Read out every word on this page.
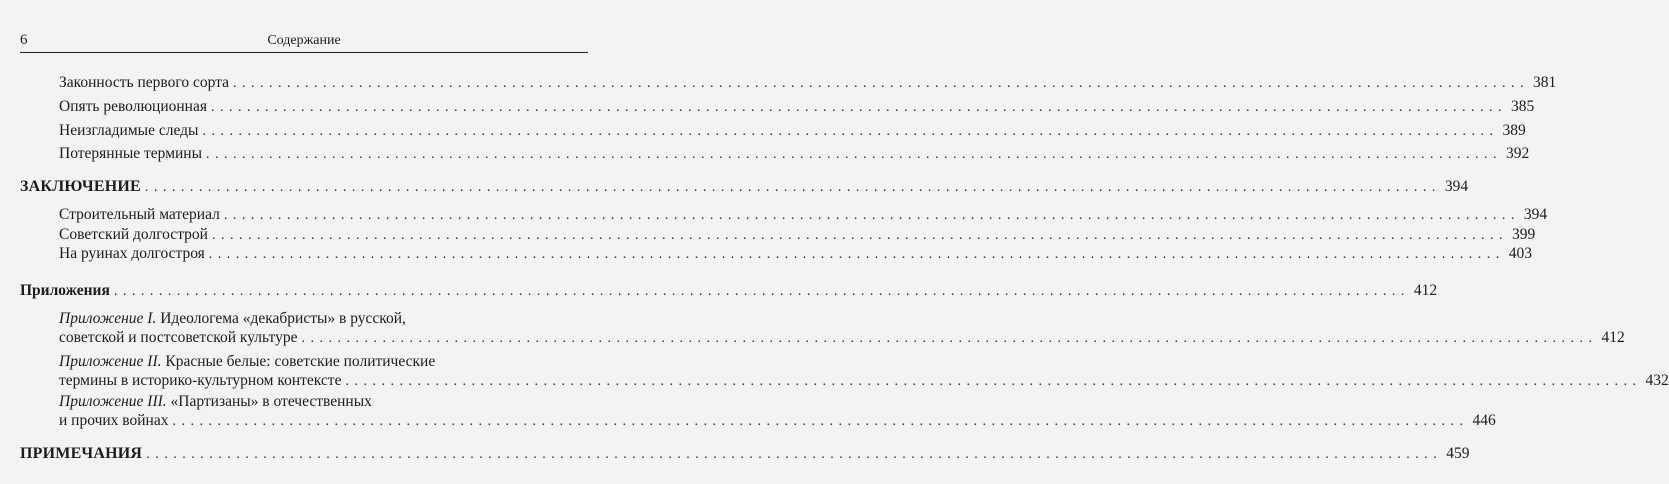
6	Содержание
Законность первого сорта ................................................................................................................................................ 381
Опять революционная ................................................................................................................................................ 385
Неизгладимые следы ................................................................................................................................................ 389
Потерянные термины ................................................................................................................................................ 392
ЗАКЛЮЧЕНИЕ ................................................................................................................................................ 394
Строительный материал ................................................................................................................................................ 394
Советский долгострой ................................................................................................................................................ 399
На руинах долгостроя ................................................................................................................................................ 403
Приложения ................................................................................................................................................ 412
Приложение I. Идеологема «декабристы» в русской,
советской и постсоветской культуре ................................................................................................................................................ 412
Приложение II. Красные белые: советские политические
термины в историко-культурном контексте ................................................................................................................................................ 432
Приложение III. «Партизаны» в отечественных
и прочих войнах ................................................................................................................................................ 446
ПРИМЕЧАНИЯ ................................................................................................................................................ 459
